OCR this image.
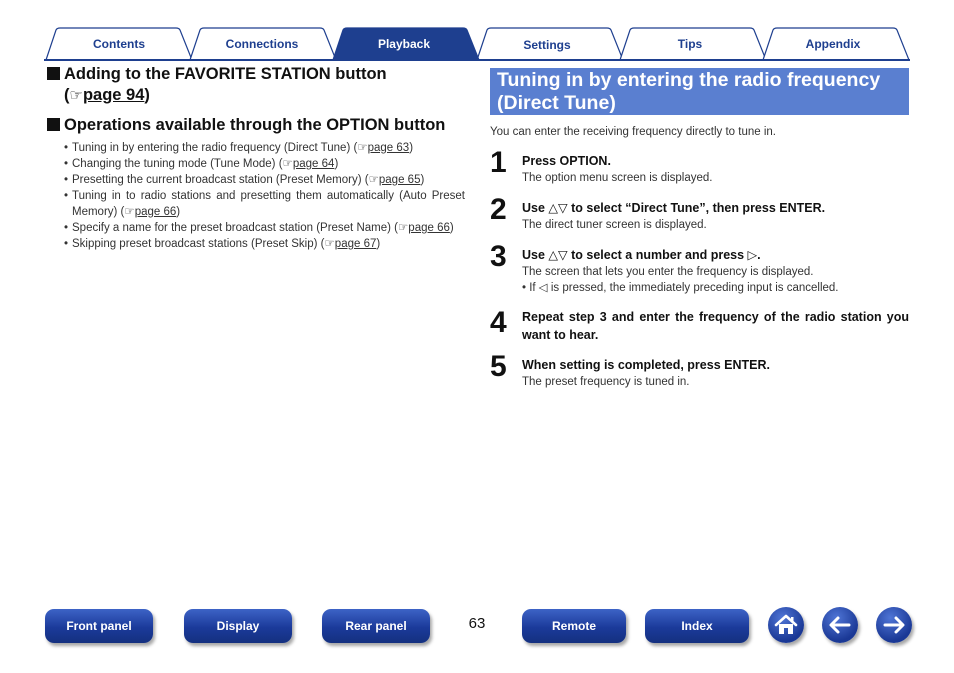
Contents	Connections	Playback	Settings	Tips	Appendix

Adding to the FAVORITE STATION button
(☞page 94)

Operations available through the OPTION button

• Tuning in by entering the radio frequency (Direct Tune) (☞page 63)
• Changing the tuning mode (Tune Mode) (☞page 64)
• Presetting the current broadcast station (Preset Memory) (☞page 65)
• Tuning in to radio stations and presetting them automatically (Auto Preset Memory) (☞page 66)
• Specify a name for the preset broadcast station (Preset Name) (☞page 66)
• Skipping preset broadcast stations (Preset Skip) (☞page 67)
Tuning in by entering the radio frequency (Direct Tune)

You can enter the receiving frequency directly to tune in.

1 Press OPTION.
The option menu screen is displayed.
2 Use △▽ to select “Direct Tune”, then press ENTER.
The direct tuner screen is displayed.
3 Use △▽ to select a number and press ▷.
The screen that lets you enter the frequency is displayed.
• If ◁ is pressed, the immediately preceding input is cancelled.
4 Repeat step 3 and enter the frequency of the radio station you want to hear.
5 When setting is completed, press ENTER.
The preset frequency is tuned in.
Front panel	Display	Rear panel	63	Remote	Index
